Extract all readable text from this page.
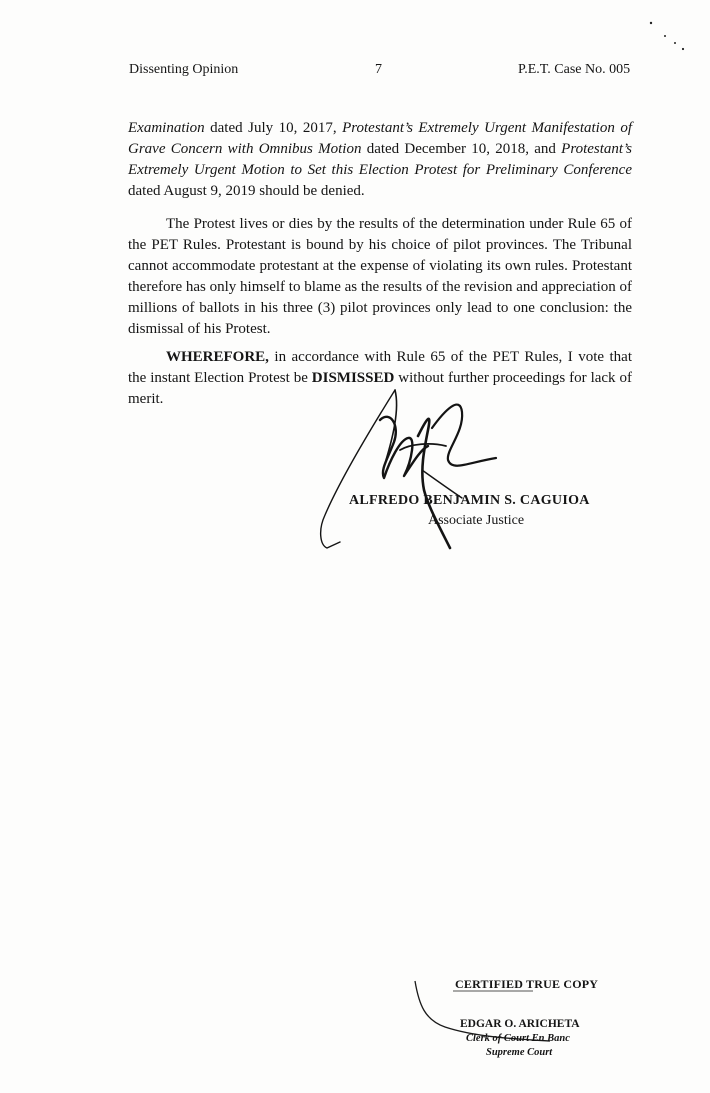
Dissenting Opinion	7	P.E.T. Case No. 005
Examination dated July 10, 2017, Protestant’s Extremely Urgent Manifestation of Grave Concern with Omnibus Motion dated December 10, 2018, and Protestant’s Extremely Urgent Motion to Set this Election Protest for Preliminary Conference dated August 9, 2019 should be denied.
The Protest lives or dies by the results of the determination under Rule 65 of the PET Rules. Protestant is bound by his choice of pilot provinces. The Tribunal cannot accommodate protestant at the expense of violating its own rules. Protestant therefore has only himself to blame as the results of the revision and appreciation of millions of ballots in his three (3) pilot provinces only lead to one conclusion: the dismissal of his Protest.
WHEREFORE, in accordance with Rule 65 of the PET Rules, I vote that the instant Election Protest be DISMISSED without further proceedings for lack of merit.
ALFREDO BENJAMIN S. CAGUIOA
Associate Justice
CERTIFIED TRUE COPY
EDGAR O. ARICHETA
Clerk of Court En Banc
Supreme Court
